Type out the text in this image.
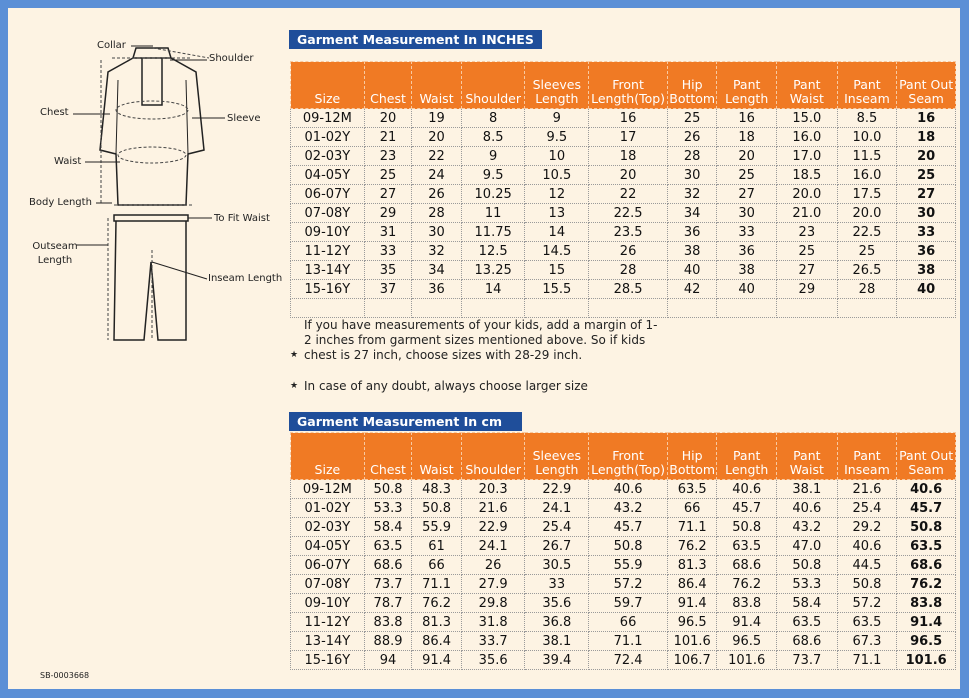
Collar
Shoulder
Chest
Sleeve
Waist
Body Length
To Fit Waist
Outseam Length
Inseam Length
Garment Measurement In INCHES
Garment Measurement In cm
Size	Chest	Waist	Shoulder	Sleeves Length	Front Length(Top)	Hip Bottom	Pant Length	Pant Waist	Pant Inseam	Pant Out Seam
09-12M	20	19	8	9	16	25	16	15.0	8.5	16
01-02Y	21	20	8.5	9.5	17	26	18	16.0	10.0	18
02-03Y	23	22	9	10	18	28	20	17.0	11.5	20
04-05Y	25	24	9.5	10.5	20	30	25	18.5	16.0	25
06-07Y	27	26	10.25	12	22	32	27	20.0	17.5	27
07-08Y	29	28	11	13	22.5	34	30	21.0	20.0	30
09-10Y	31	30	11.75	14	23.5	36	33	23	22.5	33
11-12Y	33	32	12.5	14.5	26	38	36	25	25	36
13-14Y	35	34	13.25	15	28	40	38	27	26.5	38
15-16Y	37	36	14	15.5	28.5	42	40	29	28	40

★
If you have measurements of your kids, add a margin of 1-2 inches from garment sizes mentioned above. So if kids chest is 27 inch, choose sizes with 28-29 inch.
★ In case of any doubt, always choose larger size
Size	Chest	Waist	Shoulder	Sleeves Length	Front Length(Top)	Hip Bottom	Pant Length	Pant Waist	Pant Inseam	Pant Out Seam
09-12M	50.8	48.3	20.3	22.9	40.6	63.5	40.6	38.1	21.6	40.6
01-02Y	53.3	50.8	21.6	24.1	43.2	66	45.7	40.6	25.4	45.7
02-03Y	58.4	55.9	22.9	25.4	45.7	71.1	50.8	43.2	29.2	50.8
04-05Y	63.5	61	24.1	26.7	50.8	76.2	63.5	47.0	40.6	63.5
06-07Y	68.6	66	26	30.5	55.9	81.3	68.6	50.8	44.5	68.6
07-08Y	73.7	71.1	27.9	33	57.2	86.4	76.2	53.3	50.8	76.2
09-10Y	78.7	76.2	29.8	35.6	59.7	91.4	83.8	58.4	57.2	83.8
11-12Y	83.8	81.3	31.8	36.8	66	96.5	91.4	63.5	63.5	91.4
13-14Y	88.9	86.4	33.7	38.1	71.1	101.6	96.5	68.6	67.3	96.5
15-16Y	94	91.4	35.6	39.4	72.4	106.7	101.6	73.7	71.1	101.6
SB-0003668
